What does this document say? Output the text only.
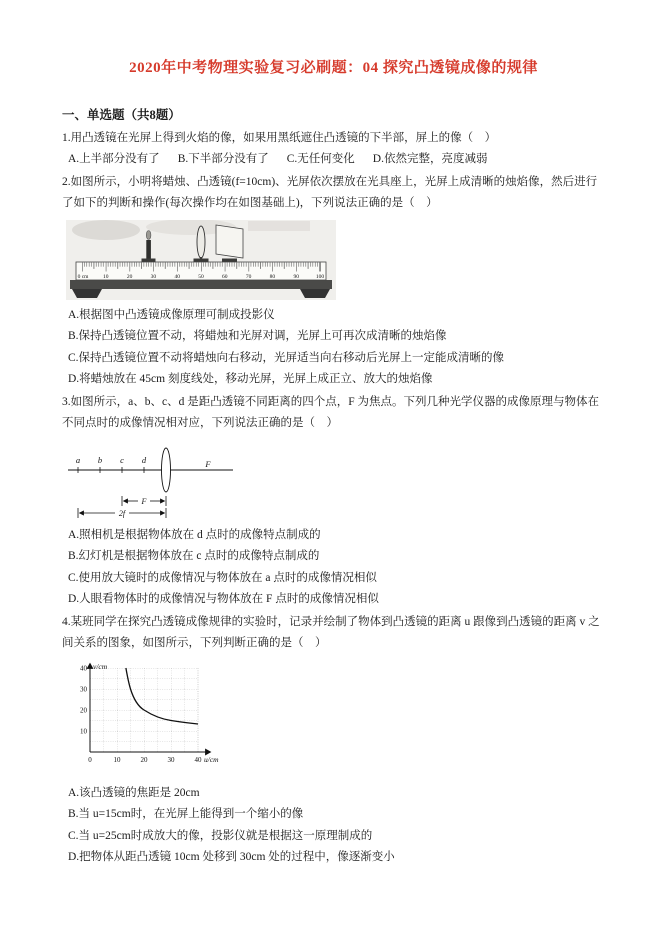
2020年中考物理实验复习必刷题：04 探究凸透镜成像的规律
一、单选题（共8题）
1.用凸透镜在光屏上得到火焰的像，如果用黑纸遮住凸透镜的下半部，屏上的像（　）
A.上半部分没有了 B.下半部分没有了 C.无任何变化 D.依然完整，亮度减弱
2.如图所示，小明将蜡烛、凸透镜(f=10cm)、光屏依次摆放在光具座上，光屏上成清晰的烛焰像，然后进行了如下的判断和操作(每次操作均在如图基础上)，下列说法正确的是（　）
0 cm	10	20	30	40	50	60	70	80	90	100
A.根据图中凸透镜成像原理可制成投影仪
B.保持凸透镜位置不动，将蜡烛和光屏对调，光屏上可再次成清晰的烛焰像
C.保持凸透镜位置不动将蜡烛向右移动，光屏适当向右移动后光屏上一定能成清晰的像
D.将蜡烛放在 45cm 刻度线处，移动光屏，光屏上成正立、放大的烛焰像
3.如图所示，a、b、c、d 是距凸透镜不同距离的四个点，F 为焦点。下列几种光学仪器的成像原理与物体在不同点时的成像情况相对应，下列说法正确的是（　）
a b c d	F
F
2f
A.照相机是根据物体放在 d 点时的成像特点制成的
B.幻灯机是根据物体放在 c 点时的成像特点制成的
C.使用放大镜时的成像情况与物体放在 a 点时的成像情况相似
D.人眼看物体时的成像情况与物体放在 F 点时的成像情况相似
4.某班同学在探究凸透镜成像规律的实验时，记录并绘制了物体到凸透镜的距离 u 跟像到凸透镜的距离 v 之间关系的图象，如图所示，下列判断正确的是（　）
v/cm
u/cm
40
30
20
10
0	10	20	30	40
A.该凸透镜的焦距是 20cm
B.当 u=15cm时，在光屏上能得到一个缩小的像
C.当 u=25cm时成放大的像，投影仪就是根据这一原理制成的
D.把物体从距凸透镜 10cm 处移到 30cm 处的过程中，像逐渐变小
